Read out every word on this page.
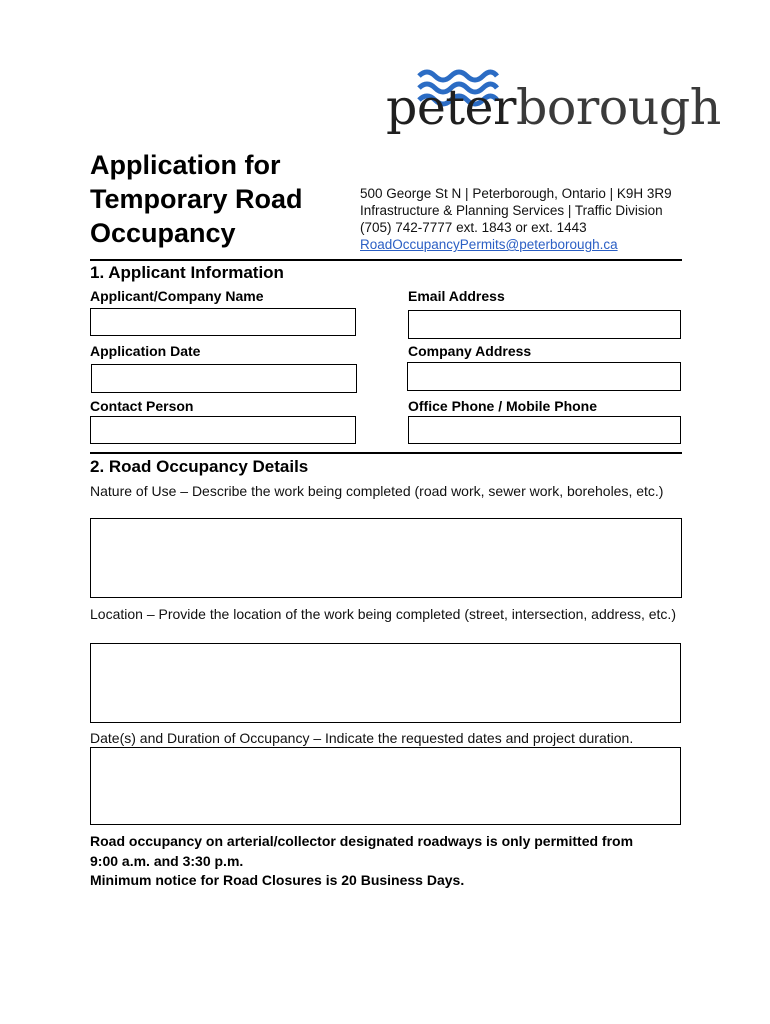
peterborough
Application for
Temporary Road
Occupancy
500 George St N | Peterborough, Ontario | K9H 3R9
Infrastructure & Planning Services | Traffic Division
(705) 742-7777 ext. 1843 or ext. 1443
RoadOccupancyPermits@peterborough.ca
1. Applicant Information
Applicant/Company Name	Email Address
Application Date	Company Address
Contact Person	Office Phone / Mobile Phone
2. Road Occupancy Details
Nature of Use – Describe the work being completed (road work, sewer work, boreholes, etc.)
Location – Provide the location of the work being completed (street, intersection, address, etc.)
Date(s) and Duration of Occupancy – Indicate the requested dates and project duration.
Road occupancy on arterial/collector designated roadways is only permitted from
9:00 a.m. and 3:30 p.m.
Minimum notice for Road Closures is 20 Business Days.
